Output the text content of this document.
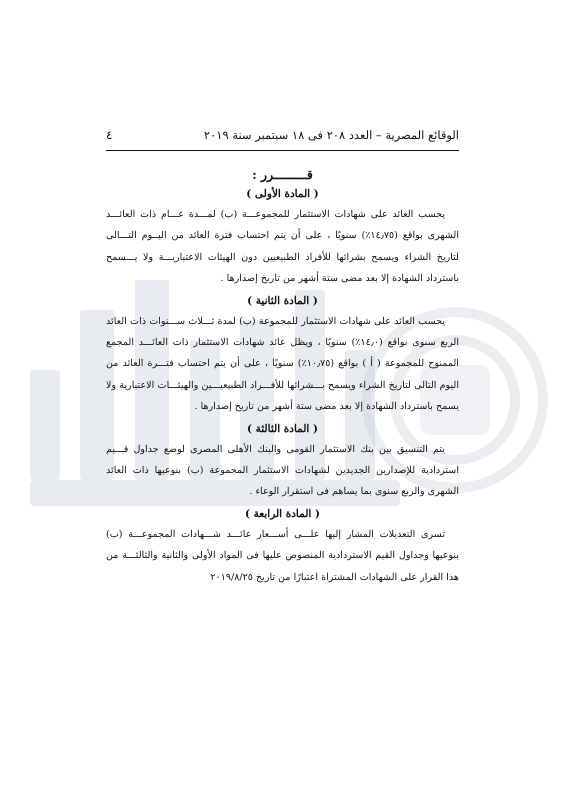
٤	الوقائع المصرية – العدد ٢٠٨ فى ١٨ سبتمبر سنة ٢٠١٩
قـــــــــرر :
( المادة الأولى )

يحسب العائد على شهادات الاستثمار للمجموعـــة (ب) لمـــدة عـــام ذات العائـــد الشهرى بواقع (١٤٫٧٥٪) سنويًا ، على أن يتم احتساب فترة العائد من اليــوم التـــالى لتاريخ الشراء ويسمح بشرائها للأفراد الطبيعيين دون الهيئات الاعتباريـــة ولا يـــسمح باسترداد الشهادة إلا بعد مضى ستة أشهر من تاريخ إصدارها .

( المادة الثانية )

يحسب العائد على شهادات الاستثمار للمجموعة (ب) لمدة ثـــلاث ســـنوات ذات العائد الربع سنوى بواقع (١٤٫٠٪) سنويًا ، ويظل عائد شهادات الاستثمار ذات العائـــد المجمع الممنوح للمجموعة ( أ ) بواقع (١٠٫٧٥٪) سنويًا ، على أن يتم احتساب فتـــرة العائد من اليوم التالى لتاريخ الشراء ويسمح بـــشرائها للأفـــراد الطبيعيـــين والهيئـــات الاعتبارية ولا يسمح باسترداد الشهادة إلا بعد مضى ستة أشهر من تاريخ إصدارها .

( المادة الثالثة )

يتم التنسيق بين بنك الاستثمار القومى والبنك الأهلى المصرى لوضع جداول قـــيم استردادية للإصدارين الجديدين لشهادات الاستثمار المجموعة (ب) بنوعيها ذات العائد الشهرى والربع سنوى بما يساهم فى استقرار الوعاء .

( المادة الرابعة )

تسرى التعديلات المشار إليها علـــى أســـعار عائـــد شـــهادات المجموعـــة (ب) بنوعيها وجداول القيم الاستردادية المنصوص عليها فى المواد الأولى والثانية والثالثـــة من هذا القرار على الشهادات المشتراة اعتبارًا من تاريخ ٢٠١٩/٨/٢٥
